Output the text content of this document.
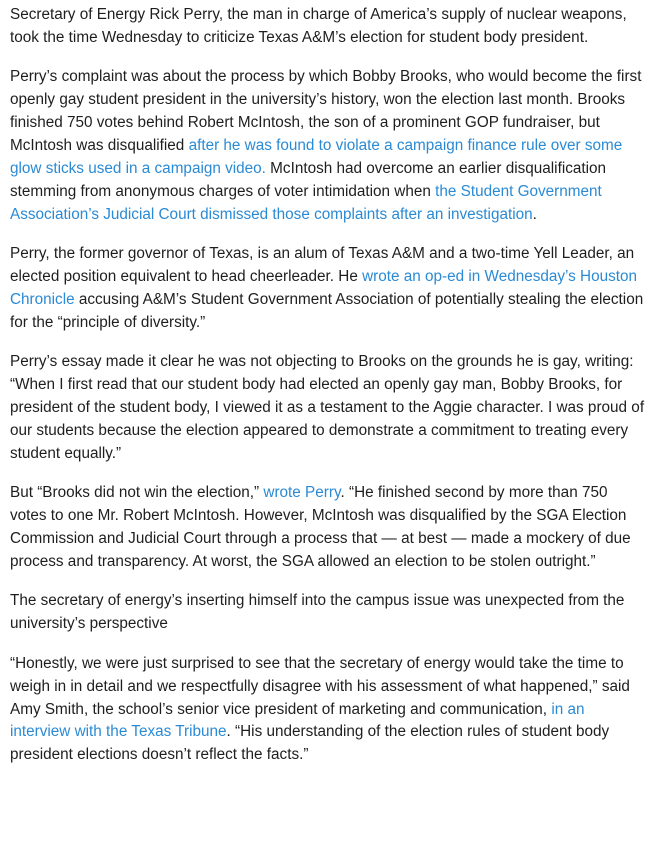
Secretary of Energy Rick Perry, the man in charge of America’s supply of nuclear weapons, took the time Wednesday to criticize Texas A&M’s election for student body president.

Perry’s complaint was about the process by which Bobby Brooks, who would become the first openly gay student president in the university’s history, won the election last month. Brooks finished 750 votes behind Robert McIntosh, the son of a prominent GOP fundraiser, but McIntosh was disqualified after he was found to violate a campaign finance rule over some glow sticks used in a campaign video. McIntosh had overcome an earlier disqualification stemming from anonymous charges of voter intimidation when the Student Government Association’s Judicial Court dismissed those complaints after an investigation.

Perry, the former governor of Texas, is an alum of Texas A&M and a two-time Yell Leader, an elected position equivalent to head cheerleader. He wrote an op-ed in Wednesday’s Houston Chronicle accusing A&M’s Student Government Association of potentially stealing the election for the “principle of diversity.”

Perry’s essay made it clear he was not objecting to Brooks on the grounds he is gay, writing: “When I first read that our student body had elected an openly gay man, Bobby Brooks, for president of the student body, I viewed it as a testament to the Aggie character. I was proud of our students because the election appeared to demonstrate a commitment to treating every student equally.”

But “Brooks did not win the election,” wrote Perry. “He finished second by more than 750 votes to one Mr. Robert McIntosh. However, McIntosh was disqualified by the SGA Election Commission and Judicial Court through a process that — at best — made a mockery of due process and transparency. At worst, the SGA allowed an election to be stolen outright.”

The secretary of energy’s inserting himself into the campus issue was unexpected from the university’s perspective

“Honestly, we were just surprised to see that the secretary of energy would take the time to weigh in in detail and we respectfully disagree with his assessment of what happened,” said Amy Smith, the school’s senior vice president of marketing and communication, in an interview with the Texas Tribune. “His understanding of the election rules of student body president elections doesn’t reflect the facts.”
